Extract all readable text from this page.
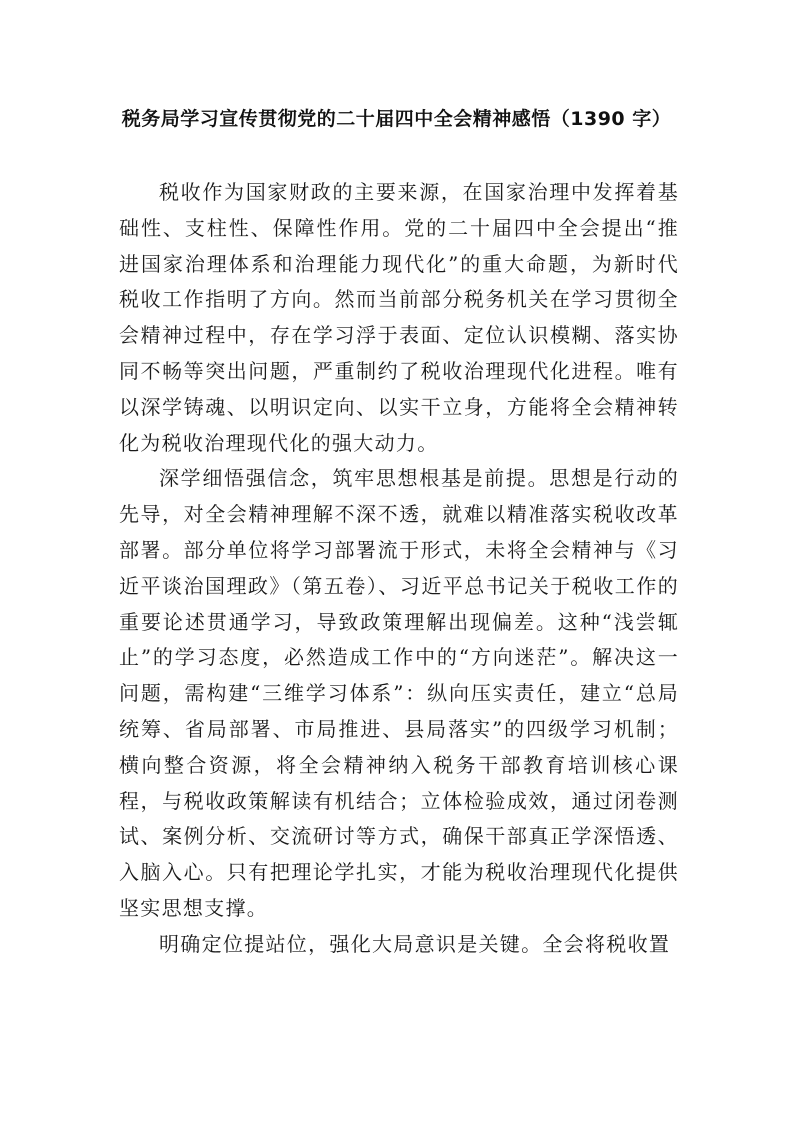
税务局学习宣传贯彻党的二十届四中全会精神感悟（1390 字）

税收作为国家财政的主要来源，在国家治理中发挥着基础性、支柱性、保障性作用。党的二十届四中全会提出“推进国家治理体系和治理能力现代化”的重大命题，为新时代税收工作指明了方向。然而当前部分税务机关在学习贯彻全会精神过程中，存在学习浮于表面、定位认识模糊、落实协同不畅等突出问题，严重制约了税收治理现代化进程。唯有以深学铸魂、以明识定向、以实干立身，方能将全会精神转化为税收治理现代化的强大动力。

深学细悟强信念，筑牢思想根基是前提。思想是行动的先导，对全会精神理解不深不透，就难以精准落实税收改革部署。部分单位将学习部署流于形式，未将全会精神与《习近平谈治国理政》（第五卷）、习近平总书记关于税收工作的重要论述贯通学习，导致政策理解出现偏差。这种“浅尝辄止”的学习态度，必然造成工作中的“方向迷茫”。解决这一问题，需构建“三维学习体系”：纵向压实责任，建立“总局统筹、省局部署、市局推进、县局落实”的四级学习机制；横向整合资源，将全会精神纳入税务干部教育培训核心课程，与税收政策解读有机结合；立体检验成效，通过闭卷测试、案例分析、交流研讨等方式，确保干部真正学深悟透、入脑入心。只有把理论学扎实，才能为税收治理现代化提供坚实思想支撑。

明确定位提站位，强化大局意识是关键。全会将税收置
